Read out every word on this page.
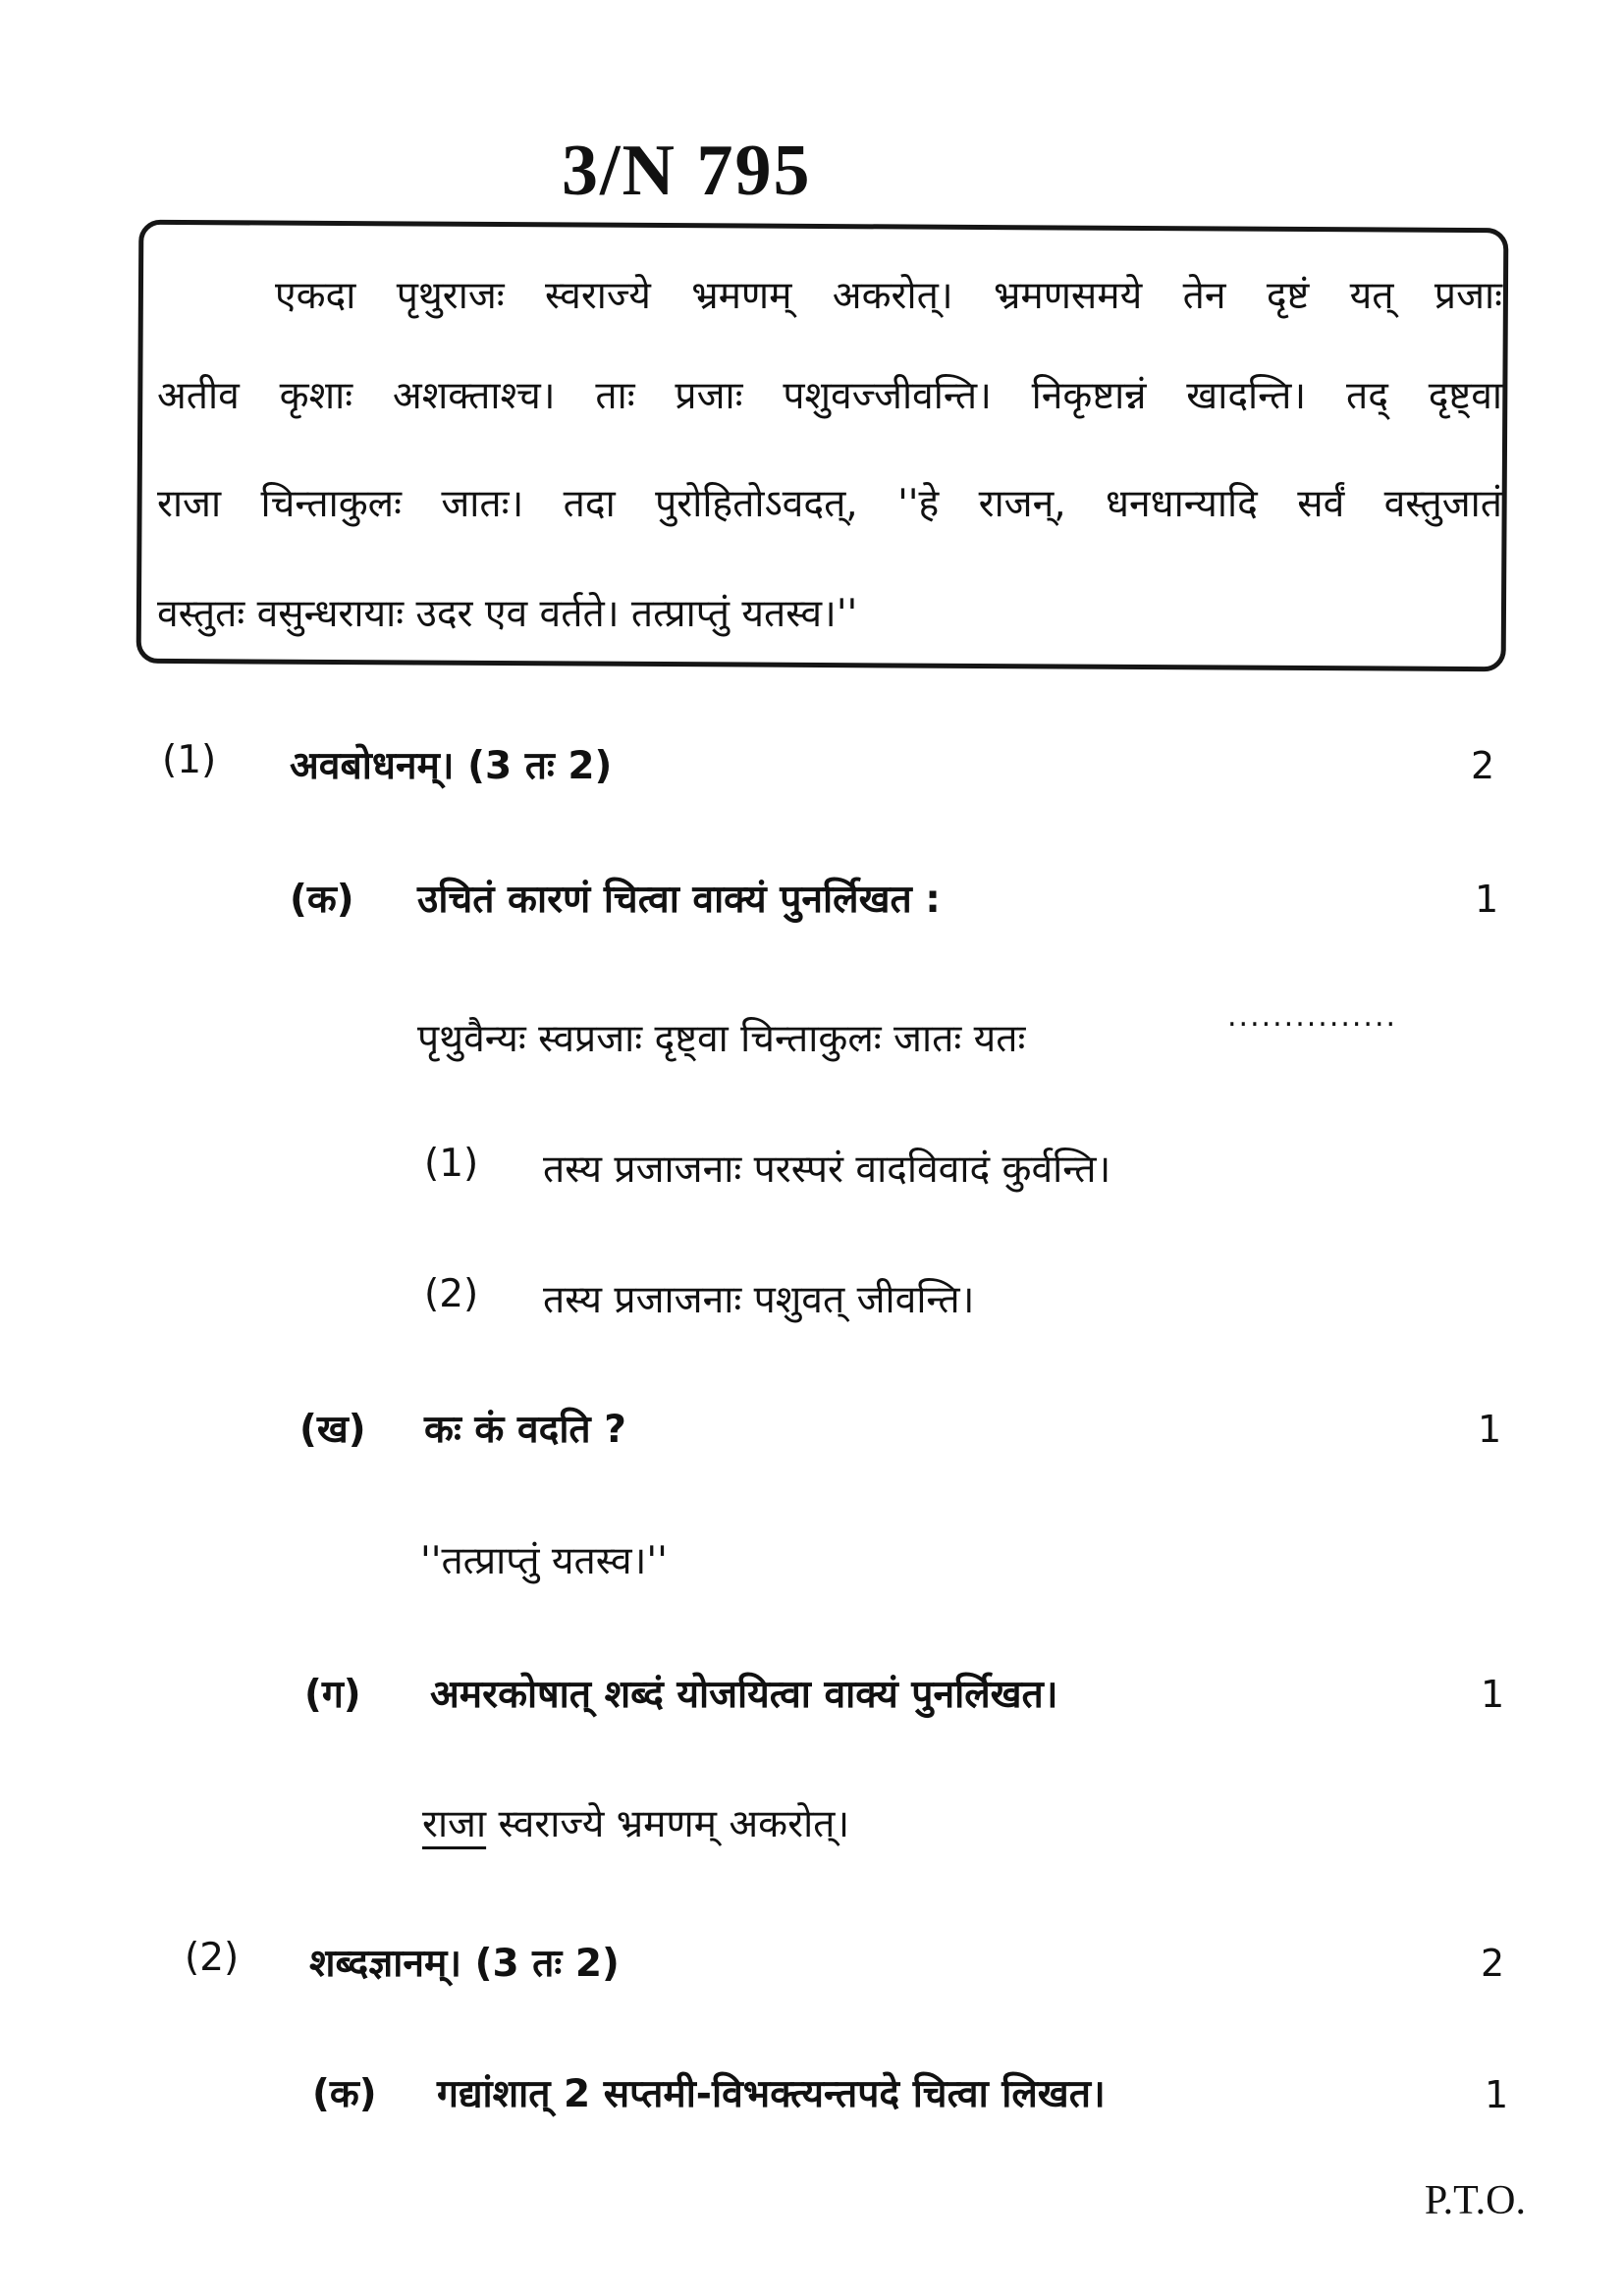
3/N 795
एकदा पृथुराजः स्वराज्ये भ्रमणम् अकरोत्। भ्रमणसमये तेन दृष्टं यत् प्रजाः
अतीव कृशाः अशक्ताश्च। ताः प्रजाः पशुवज्जीवन्ति। निकृष्टान्नं खादन्ति। तद् दृष्ट्वा
राजा चिन्ताकुलः जातः। तदा पुरोहितोऽवदत्, ''हे राजन्, धनधान्यादि सर्वं वस्तुजातं
वस्तुतः वसुन्धरायाः उदर एव वर्तते। तत्प्राप्तुं यतस्व।''
(1) अवबोधनम्। (3 तः 2)	2
(क) उचितं कारणं चित्वा वाक्यं पुनर्लिखत :	1
पृथुवैन्यः स्वप्रजाः दृष्ट्वा चिन्ताकुलः जातः यतः
...............
(1) तस्य प्रजाजनाः परस्परं वादविवादं कुर्वन्ति।
(2) तस्य प्रजाजनाः पशुवत् जीवन्ति।
(ख) कः कं वदति ?	1
''तत्प्राप्तुं यतस्व।''
(ग) अमरकोषात् शब्दं योजयित्वा वाक्यं पुनर्लिखत।	1
राजा स्वराज्ये भ्रमणम् अकरोत्।
(2) शब्दज्ञानम्। (3 तः 2)	2
(क) गद्यांशात् 2 सप्तमी-विभक्त्यन्तपदे चित्वा लिखत।	1
P.T.O.
